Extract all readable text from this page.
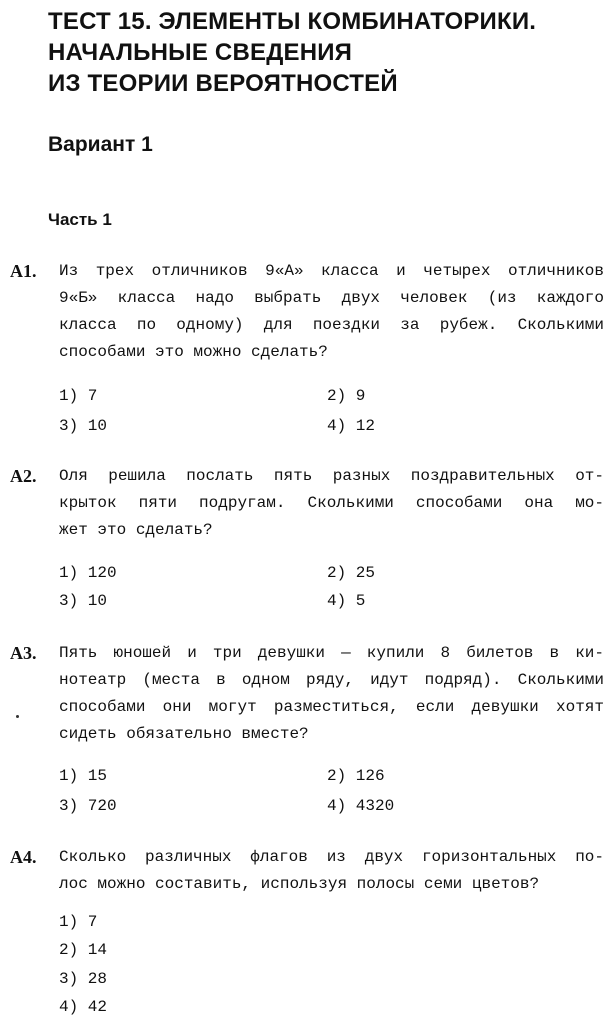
ТЕСТ 15. ЭЛЕМЕНТЫ КОМБИНАТОРИКИ.
НАЧАЛЬНЫЕ СВЕДЕНИЯ
ИЗ ТЕОРИИ ВЕРОЯТНОСТЕЙ
Вариант 1
Часть 1
А1. Из трех отличников 9«А» класса и четырех отличников
9«Б» класса надо выбрать двух человек (из каждого
класса по одному) для поездки за рубеж. Сколькими
способами это можно сделать?

1) 7	2) 9
3) 10	4) 12
А2. Оля решила послать пять разных поздравительных от-
крыток пяти подругам. Сколькими способами она мо-
жет это сделать?

1) 120	2) 25
3) 10	4) 5
А3. Пять юношей и три девушки — купили 8 билетов в ки-
нотеатр (места в одном ряду, идут подряд). Сколькими
способами они могут разместиться, если девушки хотят
сидеть обязательно вместе?

1) 15	2) 126
3) 720	4) 4320
А4. Сколько различных флагов из двух горизонтальных по-
лос можно составить, используя полосы семи цветов?

1) 7
2) 14
3) 28
4) 42
